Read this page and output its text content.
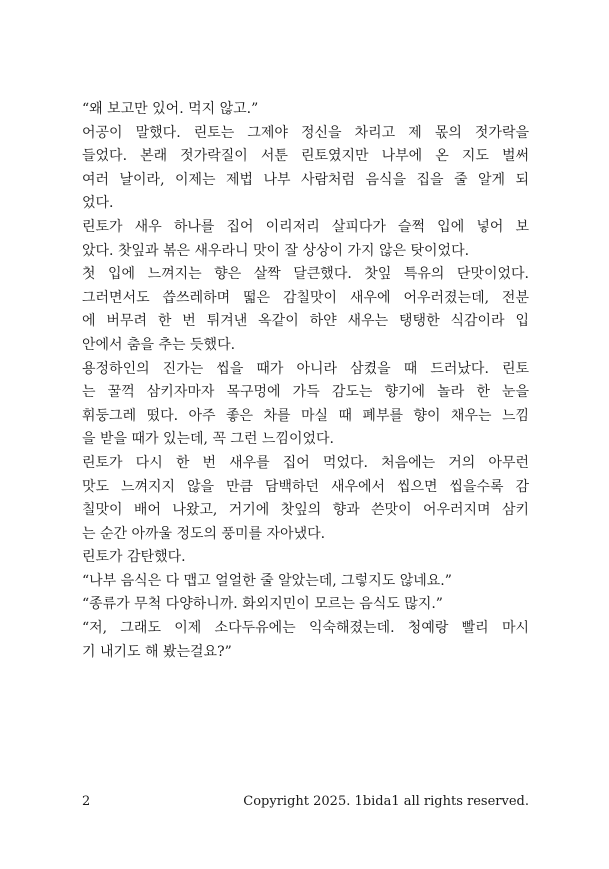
“왜 보고만 있어. 먹지 않고.”
어공이 말했다. 린토는 그제야 정신을 차리고 제 몫의 젓가락을
들었다. 본래 젓가락질이 서툰 린토였지만 나부에 온 지도 벌써
여러 날이라, 이제는 제법 나부 사람처럼 음식을 집을 줄 알게 되
었다.
린토가 새우 하나를 집어 이리저리 살피다가 슬쩍 입에 넣어 보
았다. 찻잎과 볶은 새우라니 맛이 잘 상상이 가지 않은 탓이었다.
첫 입에 느껴지는 향은 살짝 달큰했다. 찻잎 특유의 단맛이었다.
그러면서도 씁쓰레하며 떫은 감칠맛이 새우에 어우러졌는데, 전분
에 버무려 한 번 튀겨낸 옥같이 하얀 새우는 탱탱한 식감이라 입
안에서 춤을 추는 듯했다.
용정하인의 진가는 씹을 때가 아니라 삼켰을 때 드러났다. 린토
는 꿀꺽 삼키자마자 목구멍에 가득 감도는 향기에 놀라 한 눈을
휘둥그레 떴다. 아주 좋은 차를 마실 때 폐부를 향이 채우는 느낌
을 받을 때가 있는데, 꼭 그런 느낌이었다.
린토가 다시 한 번 새우를 집어 먹었다. 처음에는 거의 아무런
맛도 느껴지지 않을 만큼 담백하던 새우에서 씹으면 씹을수록 감
칠맛이 배어 나왔고, 거기에 찻잎의 향과 쓴맛이 어우러지며 삼키
는 순간 아까울 정도의 풍미를 자아냈다.
린토가 감탄했다.
“나부 음식은 다 맵고 얼얼한 줄 알았는데, 그렇지도 않네요.”
“종류가 무척 다양하니까. 화외지민이 모르는 음식도 많지.”
“저, 그래도 이제 소다두유에는 익숙해졌는데. 청예랑 빨리 마시
기 내기도 해 봤는걸요?”
2	Copyright 2025. 1bida1 all rights reserved.
